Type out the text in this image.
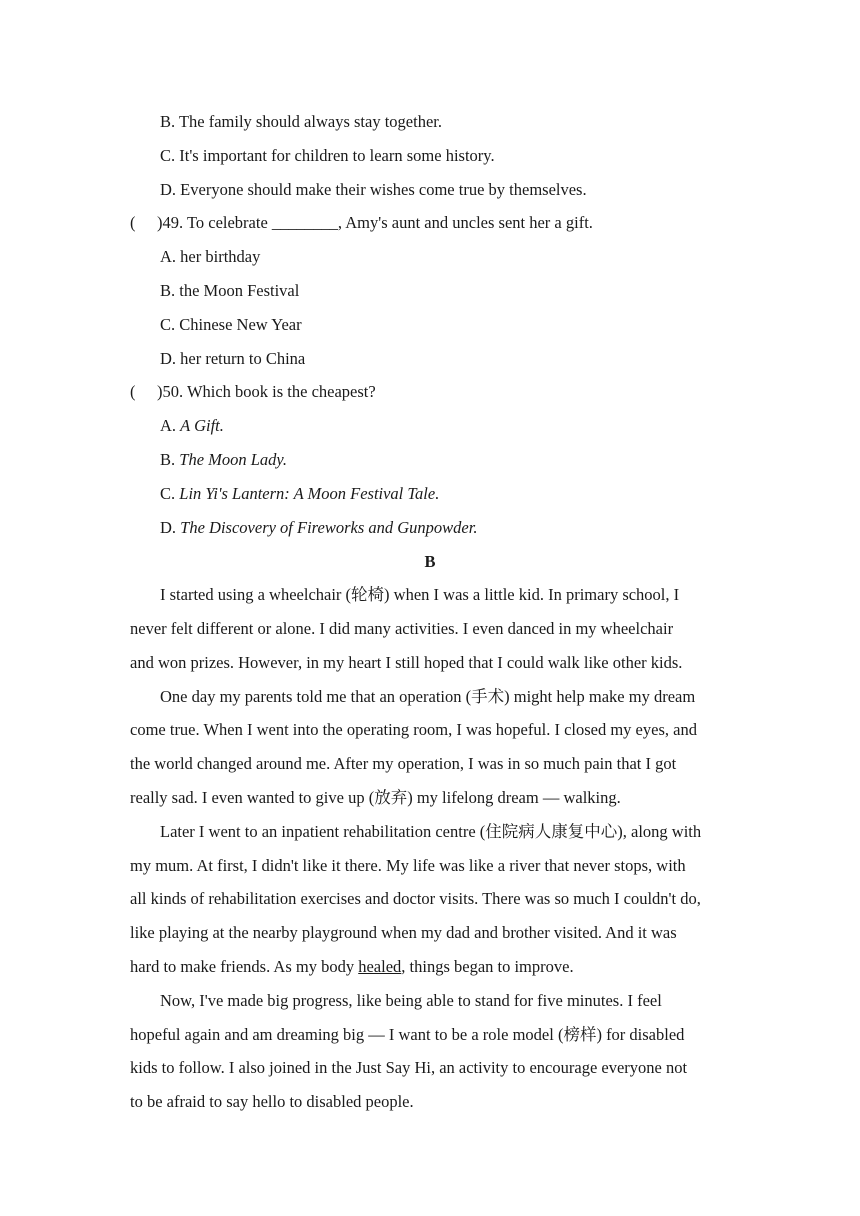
B. The family should always stay together.
C. It's important for children to learn some history.
D. Everyone should make their wishes come true by themselves.
( )49. To celebrate ________, Amy's aunt and uncles sent her a gift.
A. her birthday
B. the Moon Festival
C. Chinese New Year
D. her return to China
( )50. Which book is the cheapest?
A. A Gift.
B. The Moon Lady.
C. Lin Yi's Lantern: A Moon Festival Tale.
D. The Discovery of Fireworks and Gunpowder.
B
I started using a wheelchair (轮椅) when I was a little kid. In primary school, I
never felt different or alone. I did many activities. I even danced in my wheelchair
and won prizes. However, in my heart I still hoped that I could walk like other kids.
One day my parents told me that an operation (手术) might help make my dream
come true. When I went into the operating room, I was hopeful. I closed my eyes, and
the world changed around me. After my operation, I was in so much pain that I got
really sad. I even wanted to give up (放弃) my lifelong dream — walking.
Later I went to an inpatient rehabilitation centre (住院病人康复中心), along with
my mum. At first, I didn't like it there. My life was like a river that never stops, with
all kinds of rehabilitation exercises and doctor visits. There was so much I couldn't do,
like playing at the nearby playground when my dad and brother visited. And it was
hard to make friends. As my body healed, things began to improve.
Now, I've made big progress, like being able to stand for five minutes. I feel
hopeful again and am dreaming big — I want to be a role model (榜样) for disabled
kids to follow. I also joined in the Just Say Hi, an activity to encourage everyone not
to be afraid to say hello to disabled people.
